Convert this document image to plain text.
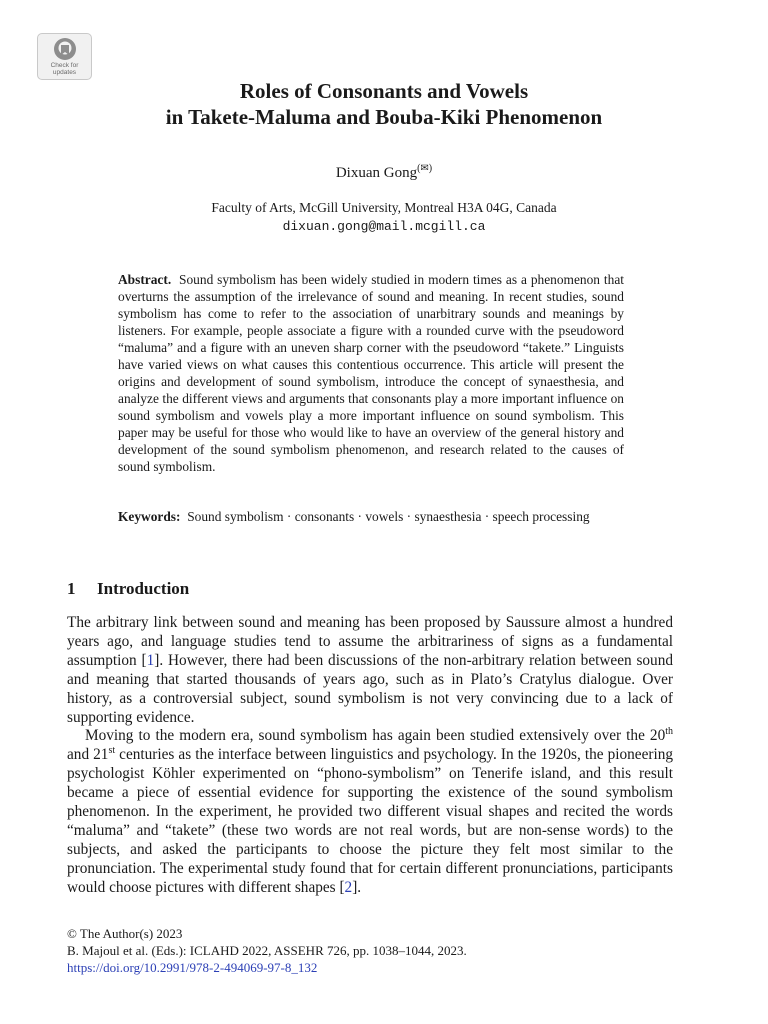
Check for
updates
Roles of Consonants and Vowels
in Takete-Maluma and Bouba-Kiki Phenomenon
Dixuan Gong(✉)
Faculty of Arts, McGill University, Montreal H3A 04G, Canada
dixuan.gong@mail.mcgill.ca

Abstract. Sound symbolism has been widely studied in modern times as a phenomenon that overturns the assumption of the irrelevance of sound and meaning. In recent studies, sound symbolism has come to refer to the association of unarbitrary sounds and meanings by listeners. For example, people associate a figure with a rounded curve with the pseudoword “maluma” and a figure with an uneven sharp corner with the pseudoword “takete.” Linguists have varied views on what causes this contentious occurrence. This article will present the origins and development of sound symbolism, introduce the concept of synaesthesia, and analyze the different views and arguments that consonants play a more important influence on sound symbolism and vowels play a more important influence on sound symbolism. This paper may be useful for those who would like to have an overview of the general history and development of the sound symbolism phenomenon, and research related to the causes of sound symbolism.

Keywords: Sound symbolism · consonants · vowels · synaesthesia · speech processing

1 Introduction

The arbitrary link between sound and meaning has been proposed by Saussure almost a hundred years ago, and language studies tend to assume the arbitrariness of signs as a fundamental assumption [1]. However, there had been discussions of the non-arbitrary relation between sound and meaning that started thousands of years ago, such as in Plato’s Cratylus dialogue. Over history, as a controversial subject, sound symbolism is not very convincing due to a lack of supporting evidence.

Moving to the modern era, sound symbolism has again been studied extensively over the 20th and 21st centuries as the interface between linguistics and psychology. In the 1920s, the pioneering psychologist Köhler experimented on “phono-symbolism” on Tenerife island, and this result became a piece of essential evidence for supporting the existence of the sound symbolism phenomenon. In the experiment, he provided two different visual shapes and recited the words “maluma” and “takete” (these two words are not real words, but are non-sense words) to the subjects, and asked the participants to choose the picture they felt most similar to the pronunciation. The experimental study found that for certain different pronunciations, participants would choose pictures with different shapes [2].

© The Author(s) 2023
B. Majoul et al. (Eds.): ICLAHD 2022, ASSEHR 726, pp. 1038–1044, 2023.
https://doi.org/10.2991/978-2-494069-97-8_132
